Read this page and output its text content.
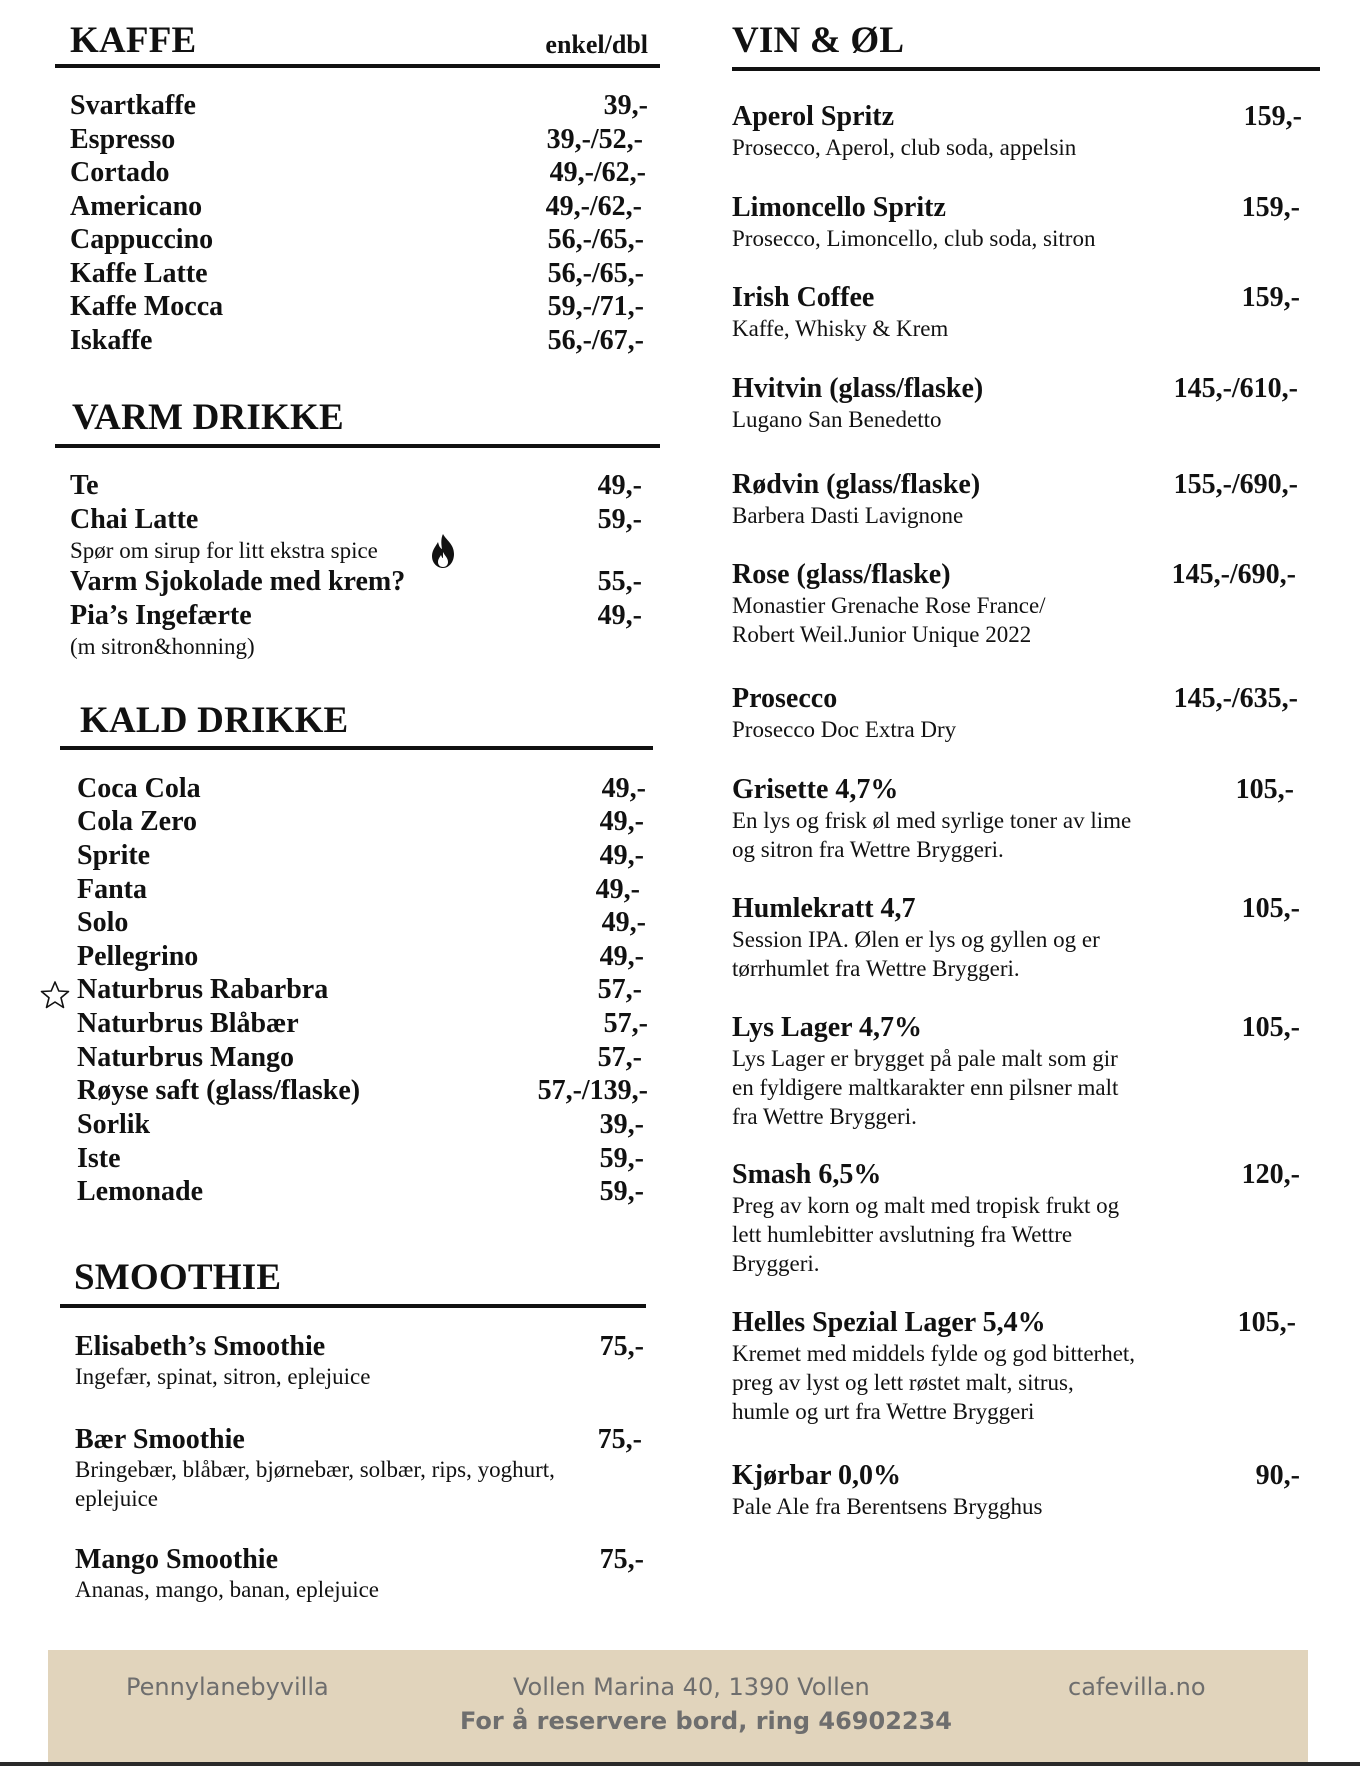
KAFFE	enkel/dbl
Svartkaffe	39,-
Espresso	39,-/52,-
Cortado	49,-/62,-
Americano	49,-/62,-
Cappuccino	56,-/65,-
Kaffe Latte	56,-/65,-
Kaffe Mocca	59,-/71,-
Iskaffe	56,-/67,-
VARM DRIKKE
Te	49,-
Chai Latte	59,-
Spør om sirup for litt ekstra spice
Varm Sjokolade med krem?	55,-
Pia’s Ingefærte	49,-
(m sitron&honning)
KALD DRIKKE
Coca Cola	49,-
Cola Zero	49,-
Sprite	49,-
Fanta	49,-
Solo	49,-
Pellegrino	49,-
Naturbrus Rabarbra	57,-
Naturbrus Blåbær	57,-
Naturbrus Mango	57,-
Røyse saft (glass/flaske)	57,-/139,-
Sorlik	39,-
Iste	59,-
Lemonade	59,-
SMOOTHIE
Elisabeth’s Smoothie	75,-
Ingefær, spinat, sitron, eplejuice
Bær Smoothie	75,-
Bringebær, blåbær, bjørnebær, solbær, rips, yoghurt,
eplejuice
Mango Smoothie	75,-
Ananas, mango, banan, eplejuice
VIN & ØL
Aperol Spritz	159,-
Prosecco, Aperol, club soda, appelsin
Limoncello Spritz	159,-
Prosecco, Limoncello, club soda, sitron
Irish Coffee	159,-
Kaffe, Whisky & Krem
Hvitvin (glass/flaske)	145,-/610,-
Lugano San Benedetto
Rødvin (glass/flaske)	155,-/690,-
Barbera Dasti Lavignone
Rose (glass/flaske)	145,-/690,-
Monastier Grenache Rose France/
Robert Weil.Junior Unique 2022
Prosecco	145,-/635,-
Prosecco Doc Extra Dry
Grisette 4,7%	105,-
En lys og frisk øl med syrlige toner av lime
og sitron fra Wettre Bryggeri.
Humlekratt 4,7	105,-
Session IPA. Ølen er lys og gyllen og er
tørrhumlet fra Wettre Bryggeri.
Lys Lager 4,7%	105,-
Lys Lager er brygget på pale malt som gir
en fyldigere maltkarakter enn pilsner malt
fra Wettre Bryggeri.
Smash 6,5%	120,-
Preg av korn og malt med tropisk frukt og
lett humlebitter avslutning fra Wettre
Bryggeri.
Helles Spezial Lager 5,4%	105,-
Kremet med middels fylde og god bitterhet,
preg av lyst og lett røstet malt, sitrus,
humle og urt fra Wettre Bryggeri
Kjørbar 0,0%	90,-
Pale Ale fra Berentsens Brygghus
Pennylanebyvilla	Vollen Marina 40, 1390 Vollen	cafevilla.no
For å reservere bord, ring 46902234
